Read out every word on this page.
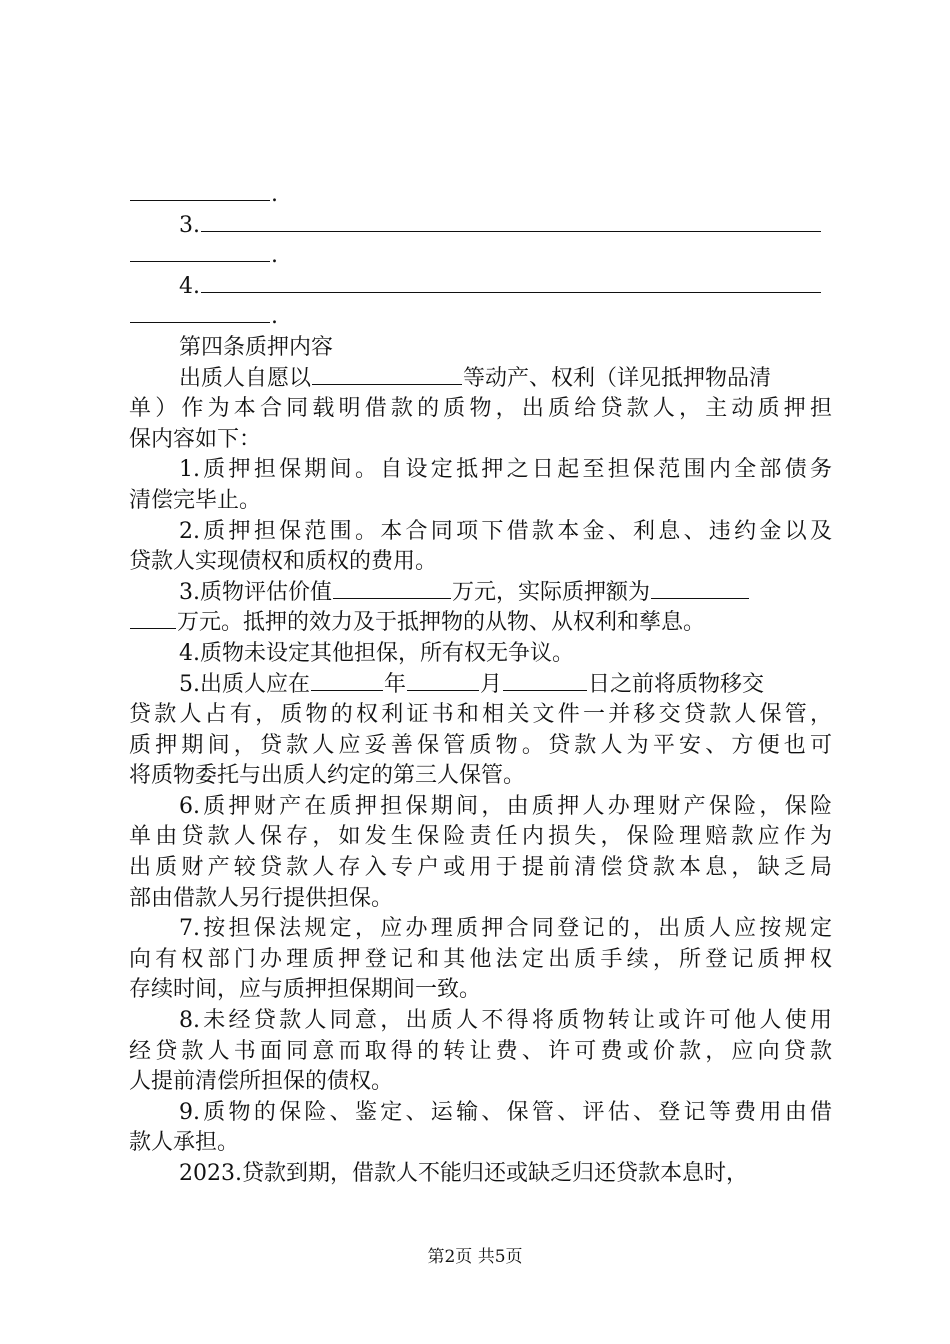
.
3.
.
4.
.
第四条质押内容
出质人自愿以	等动产、权利（详见抵押物品清
单）作为本合同载明借款的质物，出质给贷款人，主动质押担
保内容如下：
1.质押担保期间。自设定抵押之日起至担保范围内全部债务
清偿完毕止。
2.质押担保范围。本合同项下借款本金、利息、违约金以及
贷款人实现债权和质权的费用。
3.质物评估价值	万元，实际质押额为
万元。抵押的效力及于抵押物的从物、从权利和孳息。
4.质物未设定其他担保，所有权无争议。
5.出质人应在	年	月	日之前将质物移交
贷款人占有，质物的权利证书和相关文件一并移交贷款人保管，
质押期间，贷款人应妥善保管质物。贷款人为平安、方便也可
将质物委托与出质人约定的第三人保管。
6.质押财产在质押担保期间，由质押人办理财产保险，保险
单由贷款人保存，如发生保险责任内损失，保险理赔款应作为
出质财产较贷款人存入专户或用于提前清偿贷款本息，缺乏局
部由借款人另行提供担保。
7.按担保法规定，应办理质押合同登记的，出质人应按规定
向有权部门办理质押登记和其他法定出质手续，所登记质押权
存续时间，应与质押担保期间一致。
8.未经贷款人同意，出质人不得将质物转让或许可他人使用
经贷款人书面同意而取得的转让费、许可费或价款，应向贷款
人提前清偿所担保的债权。
9.质物的保险、鉴定、运输、保管、评估、登记等费用由借
款人承担。
2023.贷款到期，借款人不能归还或缺乏归还贷款本息时，
第2页 共5页
